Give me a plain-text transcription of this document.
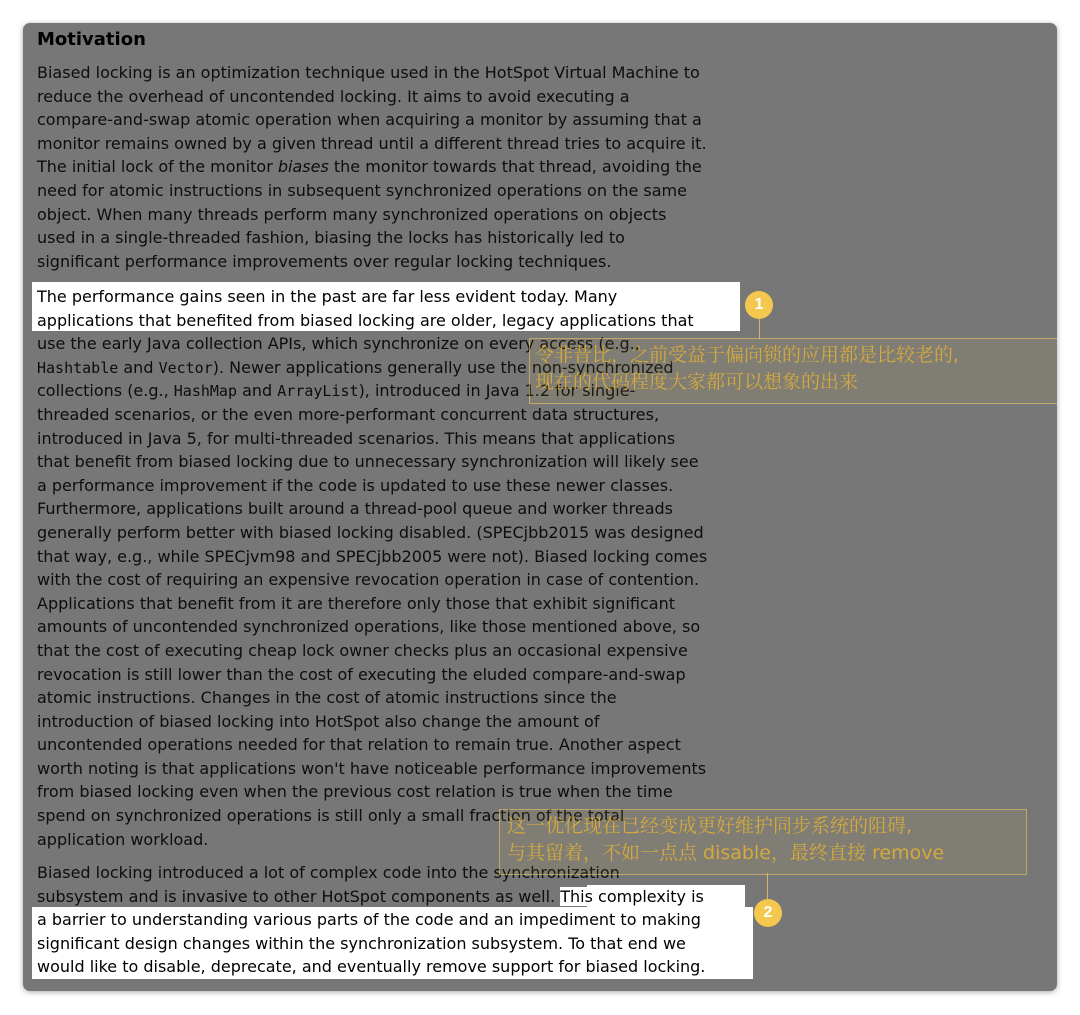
Motivation
Biased locking is an optimization technique used in the HotSpot Virtual Machine to
reduce the overhead of uncontended locking. It aims to avoid executing a
compare-and-swap atomic operation when acquiring a monitor by assuming that a
monitor remains owned by a given thread until a different thread tries to acquire it.
The initial lock of the monitor biases the monitor towards that thread, avoiding the
need for atomic instructions in subsequent synchronized operations on the same
object. When many threads perform many synchronized operations on objects
used in a single-threaded fashion, biasing the locks has historically led to
significant performance improvements over regular locking techniques.
The performance gains seen in the past are far less evident today. Many
applications that benefited from biased locking are older, legacy applications that
use the early Java collection APIs, which synchronize on every access (e.g.,
Hashtable and Vector). Newer applications generally use the non-synchronized
collections (e.g., HashMap and ArrayList), introduced in Java 1.2 for single-
threaded scenarios, or the even more-performant concurrent data structures,
introduced in Java 5, for multi-threaded scenarios. This means that applications
that benefit from biased locking due to unnecessary synchronization will likely see
a performance improvement if the code is updated to use these newer classes.
Furthermore, applications built around a thread-pool queue and worker threads
generally perform better with biased locking disabled. (SPECjbb2015 was designed
that way, e.g., while SPECjvm98 and SPECjbb2005 were not). Biased locking comes
with the cost of requiring an expensive revocation operation in case of contention.
Applications that benefit from it are therefore only those that exhibit significant
amounts of uncontended synchronized operations, like those mentioned above, so
that the cost of executing cheap lock owner checks plus an occasional expensive
revocation is still lower than the cost of executing the eluded compare-and-swap
atomic instructions. Changes in the cost of atomic instructions since the
introduction of biased locking into HotSpot also change the amount of
uncontended operations needed for that relation to remain true. Another aspect
worth noting is that applications won't have noticeable performance improvements
from biased locking even when the previous cost relation is true when the time
spend on synchronized operations is still only a small fraction of the total
application workload.
Biased locking introduced a lot of complex code into the synchronization
subsystem and is invasive to other HotSpot components as well. This complexity is
a barrier to understanding various parts of the code and an impediment to making
significant design changes within the synchronization subsystem. To that end we
would like to disable, deprecate, and eventually remove support for biased locking.
1
令非昔比，之前受益于偏向锁的应用都是比较老的,
现在的代码程度大家都可以想象的出来
这一优化现在已经变成更好维护同步系统的阻碍,
与其留着，不如一点点 disable，最终直接 remove
2
